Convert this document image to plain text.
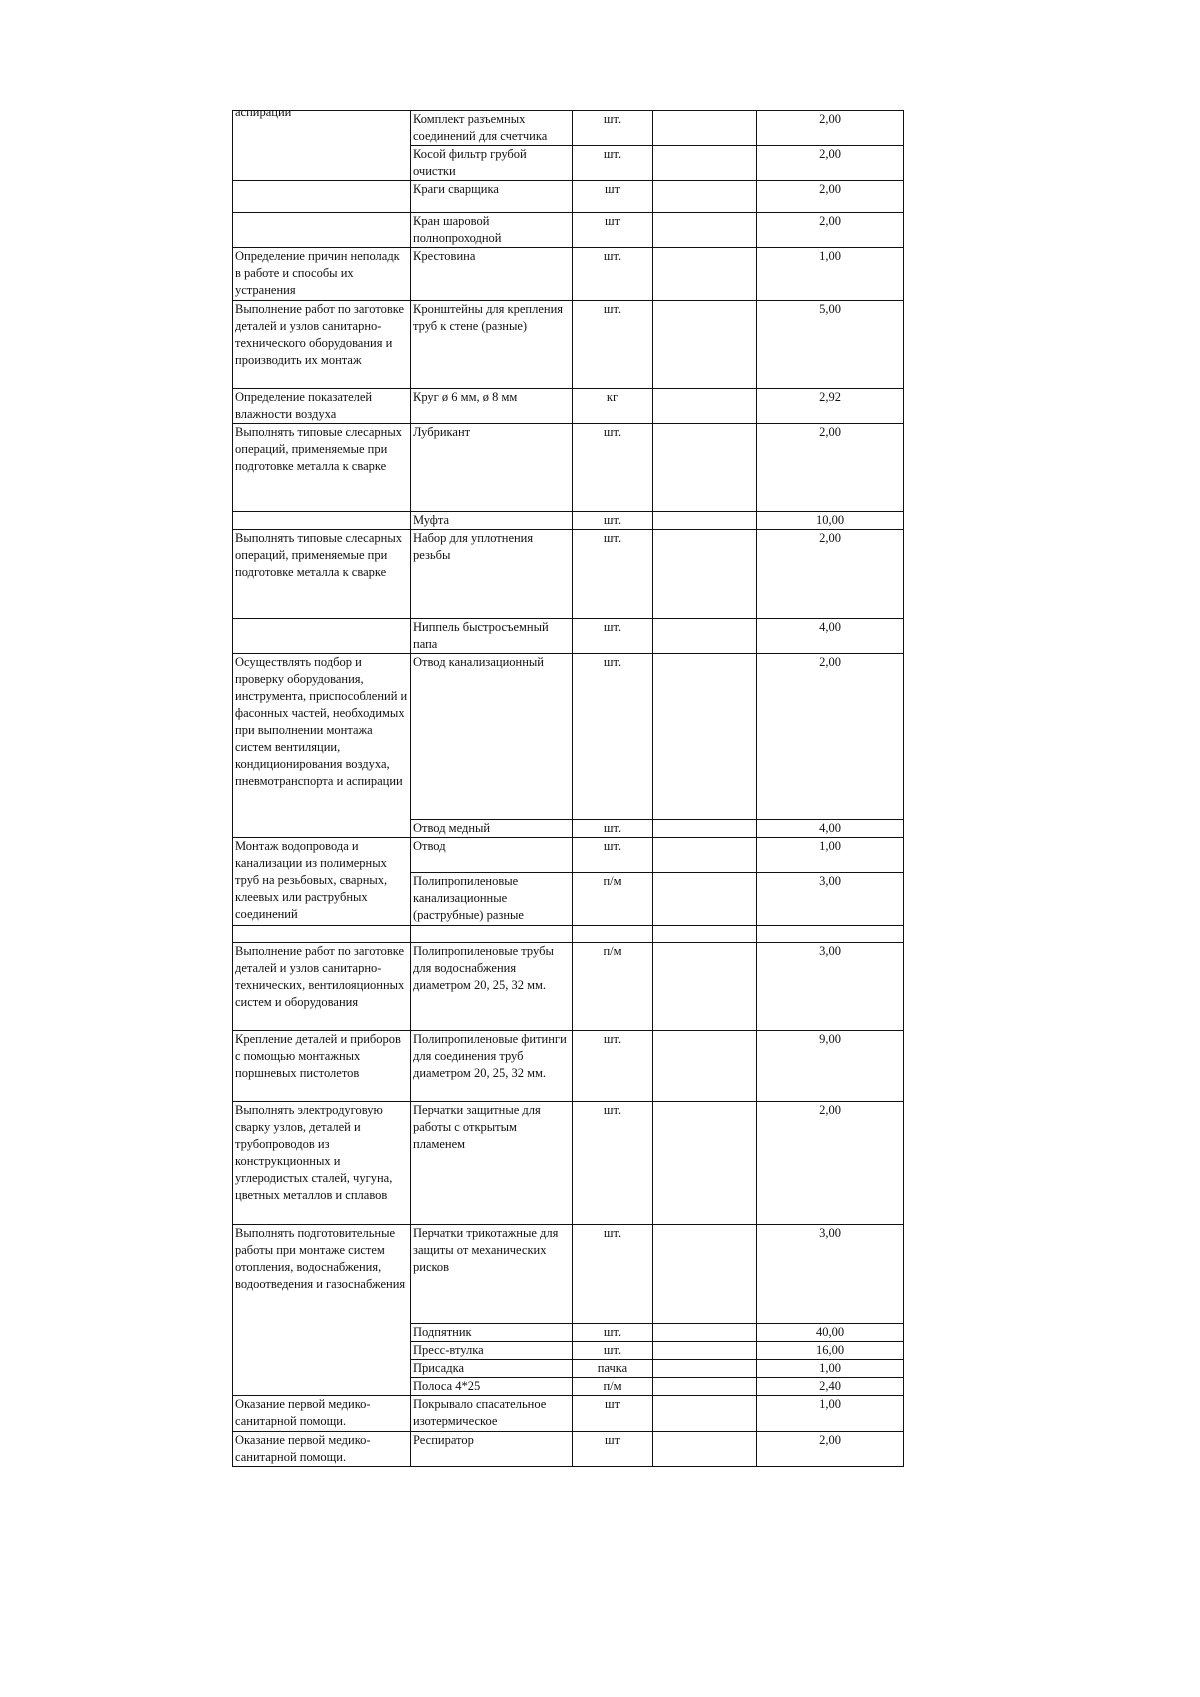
аспирации	Комплект разъемных соединений для счетчика	шт.		2,00
	Косой фильтр грубой очистки	шт.		2,00
	Краги сварщика	шт		2,00
	Кран шаровой полнопроходной	шт		2,00
Определение причин неполадк в работе и способы их устранения	Крестовина	шт.		1,00
Выполнение работ по заготовке деталей и узлов санитарно-технического оборудования и производить их монтаж	Кронштейны для крепления труб к стене (разные)	шт.		5,00
Определение показателей влажности воздуха	Круг ø 6 мм, ø 8 мм	кг		2,92
Выполнять типовые слесарных операций, применяемые при подготовке металла к сварке	Лубрикант	шт.		2,00
	Муфта	шт.		10,00
Выполнять типовые слесарных операций, применяемые при подготовке металла к сварке	Набор для уплотнения резьбы	шт.		2,00
	Ниппель быстросъемный папа	шт.		4,00
Осуществлять подбор и проверку оборудования, инструмента, приспособлений и фасонных частей, необходимых при выполнении монтажа систем вентиляции, кондиционирования воздуха, пневмотранспорта и аспирации	Отвод канализационный	шт.		2,00
	Отвод медный	шт.		4,00
Монтаж водопровода и канализации из полимерных труб на резьбовых, сварных, клеевых или раструбных соединений	Отвод	шт.		1,00
	Полипропиленовые канализационные (раструбные) разные	п/м		3,00

Выполнение работ по заготовке деталей и узлов санитарно-технических, вентилояционных систем и оборудования	Полипропиленовые трубы для водоснабжения диаметром 20, 25, 32 мм.	п/м		3,00
Крепление деталей и приборов с помощью монтажных поршневых пистолетов	Полипропиленовые фитинги для соединения труб диаметром 20, 25, 32 мм.	шт.		9,00
Выполнять электродуговую сварку узлов, деталей и трубопроводов из конструкционных и углеродистых сталей, чугуна, цветных металлов и сплавов	Перчатки защитные для работы с открытым пламенем	шт.		2,00
Выполнять подготовительные работы при монтаже систем отопления, водоснабжения, водоотведения и газоснабжения	Перчатки трикотажные для защиты от механических рисков	шт.		3,00
	Подпятник	шт.		40,00
	Пресс-втулка	шт.		16,00
	Присадка	пачка		1,00
	Полоса 4*25	п/м		2,40
Оказание первой медико-санитарной помощи.	Покрывало спасательное изотермическое	шт		1,00
Оказание первой медико-санитарной помощи.	Респиратор	шт		2,00
